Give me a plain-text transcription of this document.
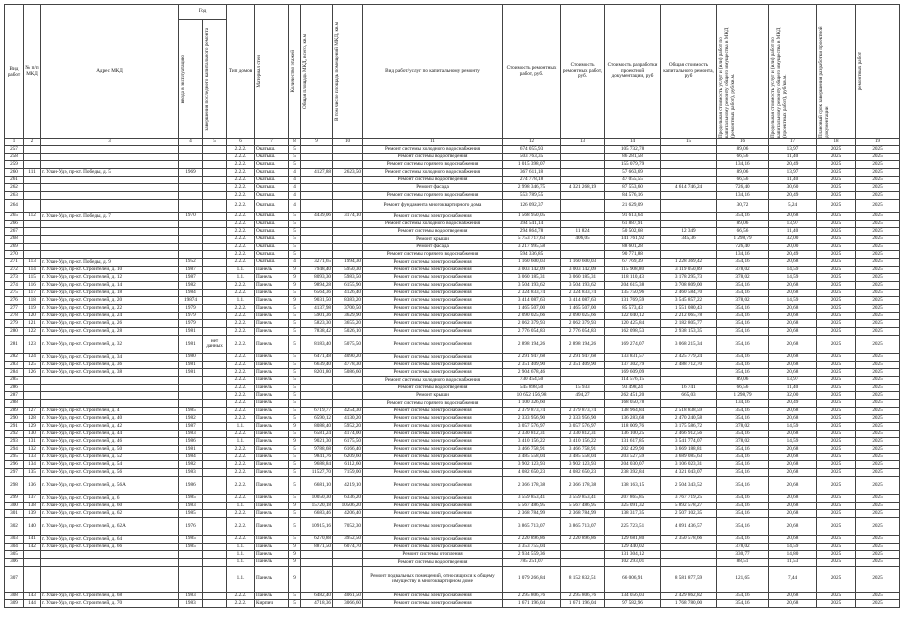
Вид работ	№ п/п МКД	Адрес МКД	Год		Тип домов	Материал стен	Количество этажей	Общая площадь МКД, всего, кв.м	В том числе площадь помещений МКД, кв.м	Вид работ/услуг по капитальному ремонту	Стоимость ремонтных работ, руб.	Стоимость ремонтных работ, руб.	Стоимость разработки проектной документации, руб	Общая стоимость капитального ремонта, руб	Предельная стоимость услуг и (или) работ по капитальному ремонту общего имущества в МКД (ремонтных работ), руб/кв.м.	Предельная стоимость услуг и (или) работ по капитальному ремонту общего имущества в МКД (проектных работ), руб/кв.м.	Плановый срок завершения разработки проектной документации	ремонтных работ

			ввода в эксплуатацию	завершения последнего капитального ремонта														

1	2	3	4	5	6	7	8	9	10	11	12	13	14	15	16	17	18	19
257					2.2.2.	Окатыш.	5			Ремонт системы холодного водоснабжения	674 055,93		105 732,78		89,06	13,97	2025	2025
258					2.2.2.	Окатыш.	5			Ремонт системы водоотведения	503 763,35		86 281,58		66,56	11,40	2025	2025
259					2.2.2.	Окатыш.	5			Ремонт системы горячего водоснабжения	1 015 398,07		155 079,79		134,16	20,49	2025	2025
260	111	г. Улан-Удэ, пр-кт. Победы, д. 5	1969		2.2.2.	Окатыш.	4	4127,88	2623,50	Ремонт системы холодного водоснабжения	367 611,18		57 663,69		89,06	13,97	2025	2025
261					2.2.2.	Окатыш.	4			Ремонт системы водоотведения	274 778,18		47 055,55		66,56	11,40	2025	2025
262					2.2.2.	Окатыш.	4			Ремонт фасада	2 998 346,75	4 321 268,19	87 553,60	4 614 746,24	726,40	30,60	2025	2025
263					2.2.2.	Окатыш.	4			Ремонт системы горячего водоснабжения	553 789,55		84 576,16		134,16	20,49	2025	2025
264					2.2.2.	Окатыш.	4			Ремонт фундамента многоквартирного дома	126 092,37		21 629,09		30,72	5,24	2025	2025
265	112	г. Улан-Удэ, пр-кт. Победы, д. 7	1970		2.2.2.	Окатыш.	5	4439,06	3174,10	Ремонт системы электроснабжения	1 568 950,05		91 613,64		354,16	20,68	2025	2025
266					2.2.2.	Окатыш.	5			Ремонт системы холодного водоснабжения	394 541,14		61 887,91		89,06	13,97	2025	2025
267					2.2.2.	Окатыш.	5			Ремонт системы водоотведения	294 864,78	11 824	50 502,68	12 349	66,56	11,40	2025	2025
268					2.2.2.	Окатыш.	5			Ремонт крыши	5 753 717,63	406,05	141 761,92	345,36	1 298,79	32,00	2025	2025
269					2.2.2.	Окатыш.	5			Ремонт фасада	3 217 995,58		88 601,28		726,40	20,00	2025	2025
270					2.2.2.	Окатыш.	5			Ремонт системы горячего водоснабжения	594 336,85		90 771,88		134,16	20,49	2025	2025
271	113	г. Улан-Удэ, пр-кт. Победы, д. 9	1952		2.2.2.	Окатыш.	4	3271,65	1994,30	Ремонт системы электроснабжения	1 160 600,03	1 160 600,03	67 769,39	1 228 369,42	354,16	20,68	2025	2025
272	114	г. Улан-Удэ, пр-кт. Строителей, д. 10	1987		1.1.	Панель	9	7948,40	5950,30	Ремонт системы электроснабжения	3 003 142,09	3 003 142,09	115 908,80	3 119 050,89	378,02	14,59	2025	2025
273	115	г. Улан-Удэ, пр-кт. Строителей, д. 12	1987		1.1.	Панель	9	8093,30	5983,50	Ремонт системы электроснабжения	3 060 185,31	3 060 185,31	118 110,43	3 178 295,73	378,02	14,59	2025	2025
274	116	г. Улан-Удэ, пр-кт. Строителей, д. 14	1982		2.2.2.	Панель	9	9894,28	6155,90	Ремонт системы электроснабжения	3 504 193,62	3 504 193,62	204 615,38	3 708 809,00	354,16	20,68	2025	2025
275	117	г. Улан-Удэ, пр-кт. Строителей, д. 18	1984		2.2.2.	Панель	5	6564,36	4126,40	Ремонт системы электроснабжения	2 324 833,74	2 324 833,74	135 750,96	2 460 584,70	354,16	20,68	2025	2025
276	118	г. Улан-Удэ, пр-кт. Строителей, д. 20	19874		1.1.	Панель	9	9031,50	8383,20	Ремонт системы электроснабжения	3 414 087,63	3 414 087,63	131 769,59	3 545 857,22	378,02	14,59	2025	2025
277	119	г. Улан-Удэ, пр-кт. Строителей, д. 22	1979		2.2.2.	Панель	5	4137,98	3700,50	Ремонт системы электроснабжения	1 465 507,00	1 465 507,00	85 573,43	1 551 080,43	354,16	20,68	2025	2025
278	120	г. Улан-Удэ, пр-кт. Строителей, д. 24	1979		2.2.2.	Панель	5	5901,36	3629,90	Ремонт системы электроснабжения	2 090 025,66	2 090 025,66	122 040,12	2 212 065,78	354,16	20,68	2025	2025
279	121	г. Улан-Удэ, пр-кт. Строителей, д. 26	1979		2.2.2.	Панель	5	5823,30	3655,20	Ремонт системы электроснабжения	2 062 379,93	2 062 379,93	120 425,84	2 182 805,77	354,16	20,68	2025	2025
280	122	г. Улан-Удэ, пр-кт. Строителей, д. 28	1981		2.2.2.	Панель	5	7838,42	5026,10	Ремонт системы электроснабжения	2 776 054,83	2 776 054,83	162 098,53	2 938 153,35	354,16	20,68	2025	2025
281	123	г. Улан-Удэ, пр-кт. Строителей, д. 32	1981	нет данных	2.2.2.	Панель	5	8183,40	5075,50	Ремонт системы электроснабжения	2 898 194,26	2 898 194,26	169 274,07	3 068 215,34	354,16	20,68	2025	2025
282	124	г. Улан-Удэ, пр-кт. Строителей, д. 34	1980		2.2.2.	Панель	5	6471,48	4090,20	Ремонт системы электроснабжения	2 291 947,68	2 291 947,68	133 831,57	2 425 779,24	354,16	20,68	2025	2025
283	125	г. Улан-Удэ, пр-кт. Строителей, д. 36	1981		2.2.2.	Панель	5	6639,40	4778,30	Ремонт системы электроснабжения	2 351 409,90	2 351 409,90	137 302,79	2 488 712,70	354,16	20,68	2025	2025
284	126	г. Улан-Удэ, пр-кт. Строителей, д. 38	1981		2.2.2.	Панель	5	8201,80	5086,60	Ремонт системы электроснабжения	2 904 678,46		169 609,09		354,16	20,68	2025	2025
285					2.2.2.	Панель	5			Ремонт системы холодного водоснабжения	730 454,50		114 576,15		89,06	13,97	2025	2025
286					2.2.2.	Панель	5			Ремонт системы водоотведения	545 898,50	15 933	93 498,24	16 741	66,56	11,40	2025	2025
287					2.2.2.	Панель	5			Ремонт крыши	10 652 156,98	494,27	262 451,20	665,03	1 298,79	32,00	2025	2025
288					2.2.2.	Панель	5			Ремонт системы горячего водоснабжения	1 100 326,60		168 050,78		134,16	20,49	2025	2025
289	127	г. Улан-Удэ, пр-кт. Строителей, д. 4	1985		2.2.2.	Панель	5	6719,77	4254,30	Ремонт системы электроснабжения	2 379 873,74	2 379 873,74	138 964,84	2 518 838,59	354,16	20,68	2025	2025
290	128	г. Улан-Удэ, пр-кт. Строителей, д. 40	1982		2.2.2.	Панель	5	6590,12	4130,20	Ремонт системы электроснабжения	2 333 956,90	2 333 956,90	136 283,68	2 470 240,58	354,16	20,68	2025	2025
291	129	г. Улан-Удэ, пр-кт. Строителей, д. 42	1987		1.1.	Панель	9	8088,40	5952,20	Ремонт системы электроснабжения	3 057 576,97	3 057 576,97	118 009,76	3 175 586,72	378,02	14,59	2025	2025
292	130	г. Улан-Удэ, пр-кт. Строителей, д. 44	1983		2.2.2.	Панель	5	6581,24	4174,00	Ремонт системы электроснабжения	2 330 812,31	2 330 812,31	136 100,25	2 466 912,56	354,16	20,68	2025	2025
293	131	г. Улан-Удэ, пр-кт. Строителей, д. 46	1986		1.1.	Панель	9	9021,30	6175,50	Ремонт системы электроснабжения	3 410 156,22	3 410 156,22	131 617,85	3 541 774,07	378,02	14,59	2025	2025
294	132	г. Улан-Удэ, пр-кт. Строителей, д. 50	1981		2.2.2.	Панель	5	9788,68	6166,40	Ремонт системы электроснабжения	3 466 758,91	3 466 758,91	202 429,90	3 669 188,81	354,16	20,68	2025	2025
295	133	г. Улан-Удэ, пр-кт. Строителей, д. 52	1984		2.2.2.	Панель	5	9841,76	6209,60	Ремонт системы электроснабжения	3 485 558,04	3 485 558,04	203 527,59	3 689 085,63	354,16	20,68	2025	2025
296	134	г. Улан-Удэ, пр-кт. Строителей, д. 54	1982		2.2.2.	Панель	5	9688,84	6112,60	Ремонт системы электроснабжения	3 902 123,93	3 902 123,93	204 030,07	3 106 023,31	354,16	20,68	2025	2025
297	135	г. Улан-Удэ, пр-кт. Строителей, д. 56	1983		2.2.2.	Панель	5	11527,70	7159,00	Ремонт системы электроснабжения	4 082 650,23	4 082 650,23	238 392,84	4 321 043,07	354,16	20,68	2025	2025
298	136	г. Улан-Удэ, пр-кт. Строителей, д. 56А	1986		2.2.2.	Панель	5	6681,10	4219,10	Ремонт системы электроснабжения	2 366 178,38	2 366 178,38	138 163,15	2 504 343,52	354,16	20,68	2025	2025
299	137	г. Улан-Удэ, пр-кт. Строителей, д. 6	1985		2.2.2.	Панель	5	10050,30	6336,20	Ремонт системы электроснабжения	3 559 853,41	3 559 853,41	207 865,85	3 767 719,25	354,16	20,68	2025	2025
300	138	г. Улан-Удэ, пр-кт. Строителей, д. 60	1983		1.1.	Панель	9	15720,18	10506,20	Ремонт системы электроснабжения	5 567 486,95	5 567 486,95	325 091,32	5 892 578,27	354,16	20,68	2025	2025
301	139	г. Улан-Удэ, пр-кт. Строителей, д. 62	1985		2.2.2.	Панель	5	6683,46	4206,40	Ремонт системы электроснабжения	2 368 784,99	2 368 784,99	138 317,35	2 507 102,35	354,16	20,68	2025	2025
302	140	г. Улан-Удэ, пр-кт. Строителей, д. 62А	1976		2.2.2.	Панель	5	10915,16	7052,30	Ремонт системы электроснабжения	3 865 713,07	3 865 713,07	225 723,51	4 091 436,57	354,16	20,68	2025	2025
303	141	г. Улан-Удэ, пр-кт. Строителей, д. 64	1985		2.2.2.	Панель	5	6270,88	3952,50	Ремонт системы электроснабжения	2 220 896,86	2 220 896,86	129 681,80	2 350 578,66	354,16	20,68	2025	2025
304	142	г. Улан-Удэ, пр-кт. Строителей, д. 66	1985		1.1.	Панель	9	8871,50	6074,70	Ремонт системы электроснабжения	3 353 755,04		129 440,02		378,02	14,59	2025	2025
305					1.1.	Панель	9			Ремонт системы отопления	2 934 559,36		131 304,12		330,77	14,80	2025	2025
306					1.1.	Панель	9			Ремонт системы водоотведения	785 251,07		102 293,01		88,51	11,53	2025	2025
307					1.1.	Панель	9			Ремонт подвальных помещений, относящихся к общему имуществу в многоквартирном доме	1 079 266,84	8 152 832,51	66 006,91	8 581 877,59	121,65	7,44	2025	2025
308	143	г. Улан-Удэ, пр-кт. Строителей, д. 68	1983		2.2.2.	Панель	5	6482,40	4061,50	Ремонт системы электроснабжения	2 295 806,76	2 295 806,76	134 056,03	2 429 862,82	354,16	20,68	2025	2025
309	144	г. Улан-Удэ, пр-кт. Строителей, д. 70	1983		2.2.2.	Кирпич	5	4718,36	3066,60	Ремонт системы электроснабжения	1 671 196,04	1 671 196,04	97 582,96	1 768 780,00	354,16	20,68	2025	2025
